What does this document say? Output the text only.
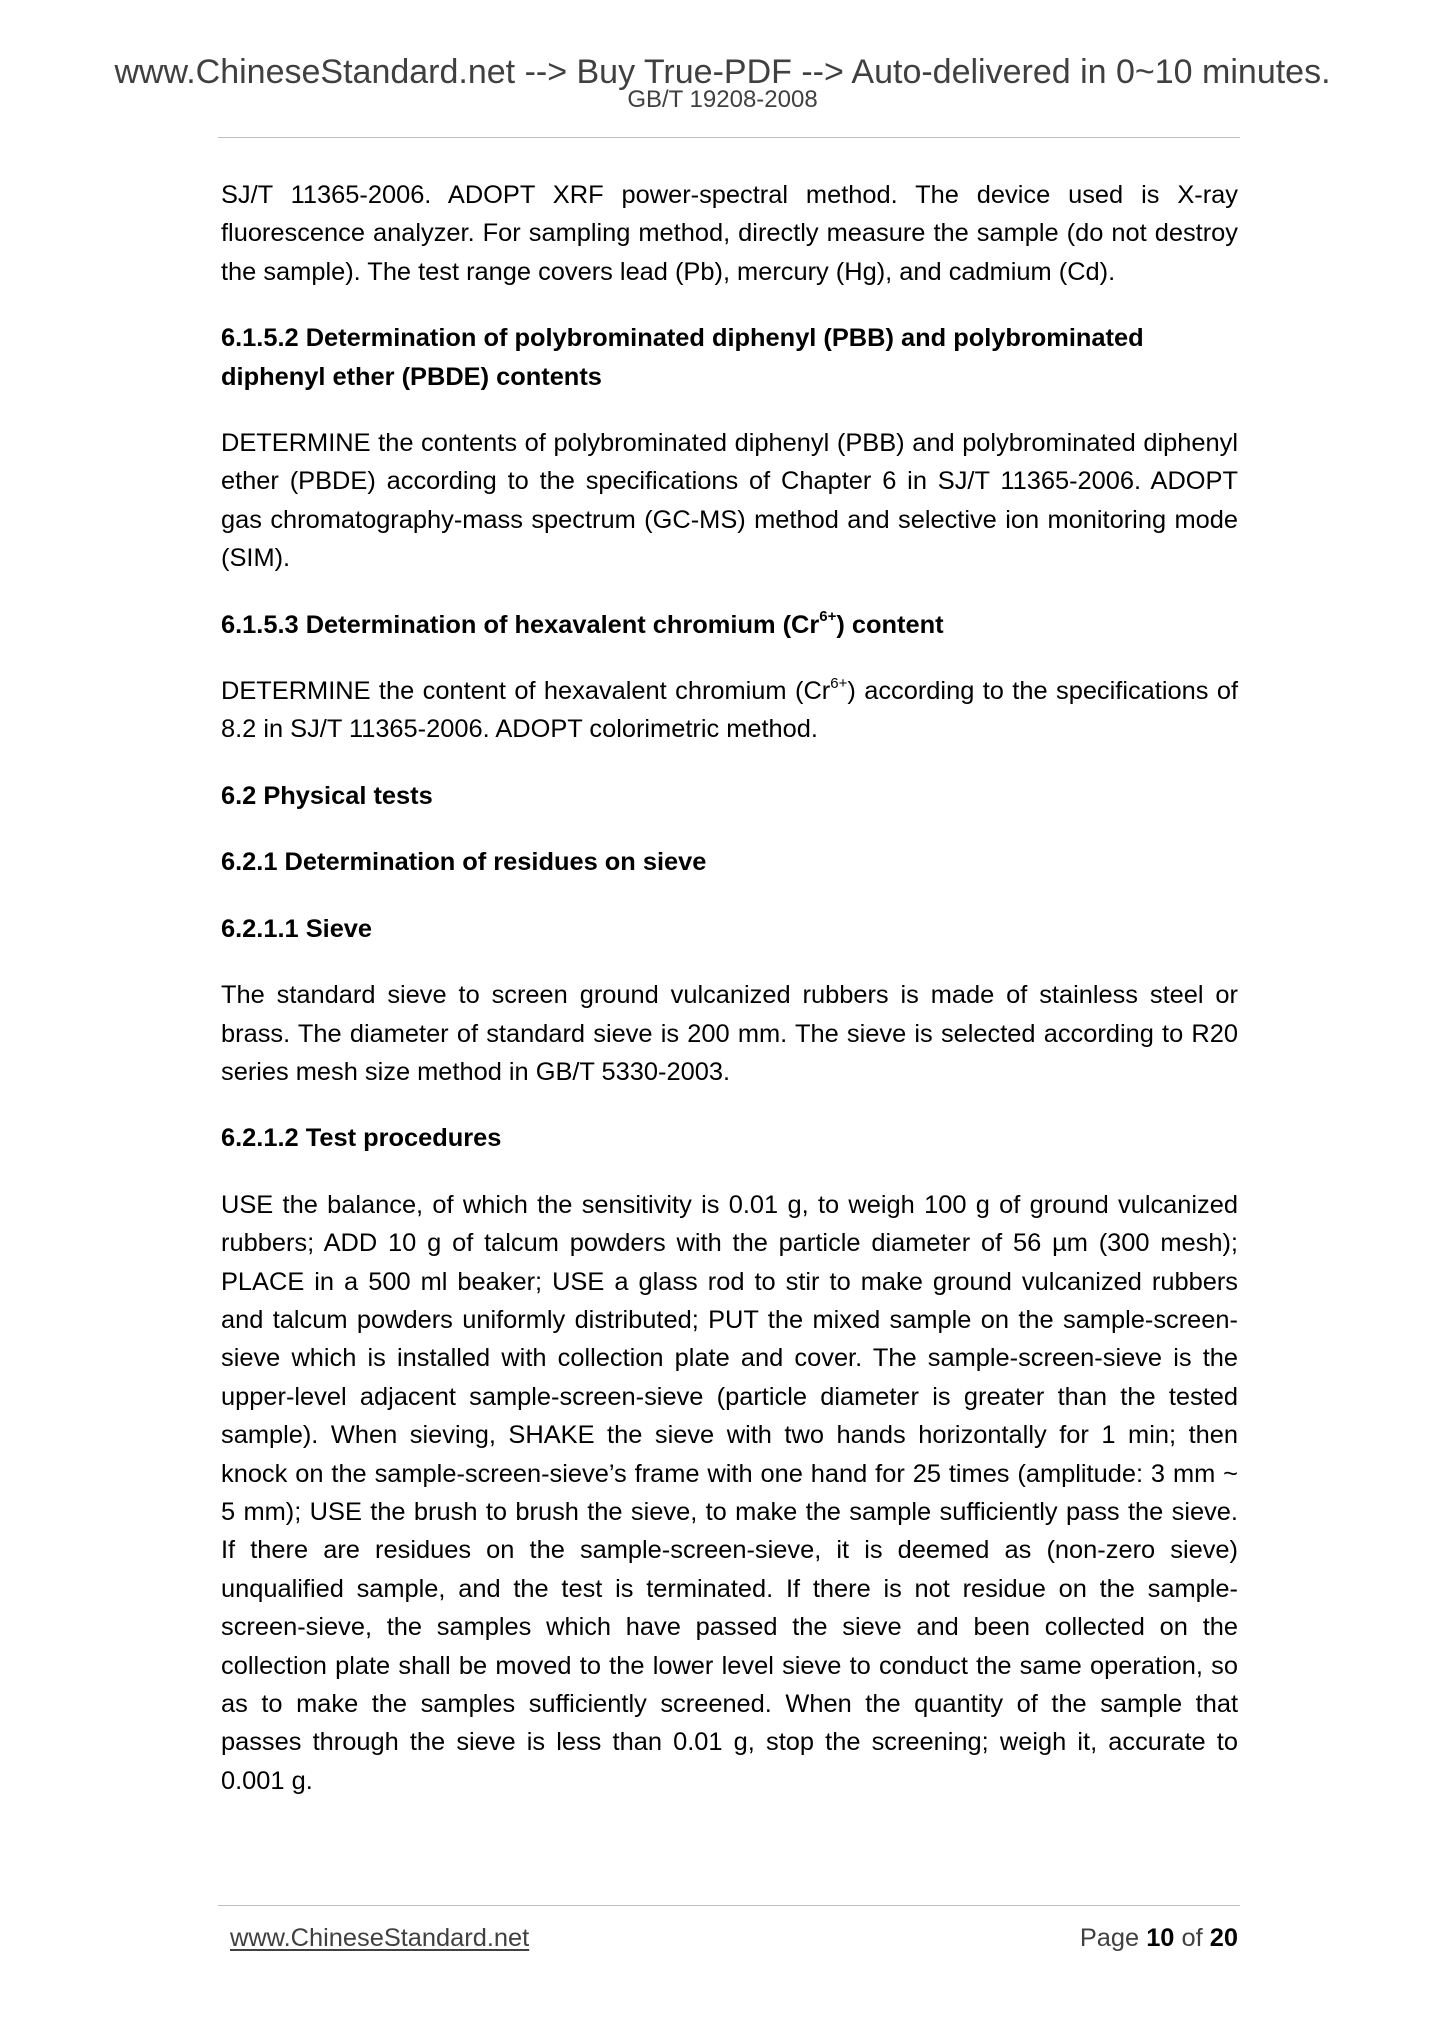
www.ChineseStandard.net --> Buy True-PDF --> Auto-delivered in 0~10 minutes.
GB/T 19208-2008

SJ/T 11365-2006. ADOPT XRF power-spectral method. The device used is X-ray fluorescence analyzer. For sampling method, directly measure the sample (do not destroy the sample). The test range covers lead (Pb), mercury (Hg), and cadmium (Cd).

6.1.5.2 Determination of polybrominated diphenyl (PBB) and polybrominated diphenyl ether (PBDE) contents

DETERMINE the contents of polybrominated diphenyl (PBB) and polybrominated diphenyl ether (PBDE) according to the specifications of Chapter 6 in SJ/T 11365-2006. ADOPT gas chromatography-mass spectrum (GC-MS) method and selective ion monitoring mode (SIM).

6.1.5.3 Determination of hexavalent chromium $(Cr^{6+})$ content

DETERMINE the content of hexavalent chromium $(Cr^{6+})$ according to the specifications of 8.2 in SJ/T 11365-2006. ADOPT colorimetric method.

6.2 Physical tests
6.2.1 Determination of residues on sieve
6.2.1.1 Sieve

The standard sieve to screen ground vulcanized rubbers is made of stainless steel or brass. The diameter of standard sieve is 200 mm. The sieve is selected according to R20 series mesh size method in GB/T 5330-2003.

6.2.1.2 Test procedures

USE the balance, of which the sensitivity is 0.01 g, to weigh 100 g of ground vulcanized rubbers; ADD 10 g of talcum powders with the particle diameter of 56 µm (300 mesh); PLACE in a 500 ml beaker; USE a glass rod to stir to make ground vulcanized rubbers and talcum powders uniformly distributed; PUT the mixed sample on the sample-screen-sieve which is installed with collection plate and cover. The sample-screen-sieve is the upper-level adjacent sample-screen-sieve (particle diameter is greater than the tested sample). When sieving, SHAKE the sieve with two hands horizontally for 1 min; then knock on the sample-screen-sieve’s frame with one hand for 25 times (amplitude: 3 mm ~ 5 mm); USE the brush to brush the sieve, to make the sample sufficiently pass the sieve. If there are residues on the sample-screen-sieve, it is deemed as (non-zero sieve) unqualified sample, and the test is terminated. If there is not residue on the sample-screen-sieve, the samples which have passed the sieve and been collected on the collection plate shall be moved to the lower level sieve to conduct the same operation, so as to make the samples sufficiently screened. When the quantity of the sample that passes through the sieve is less than 0.01 g, stop the screening; weigh it, accurate to 0.001 g.

www.ChineseStandard.net	Page 10 of 20
